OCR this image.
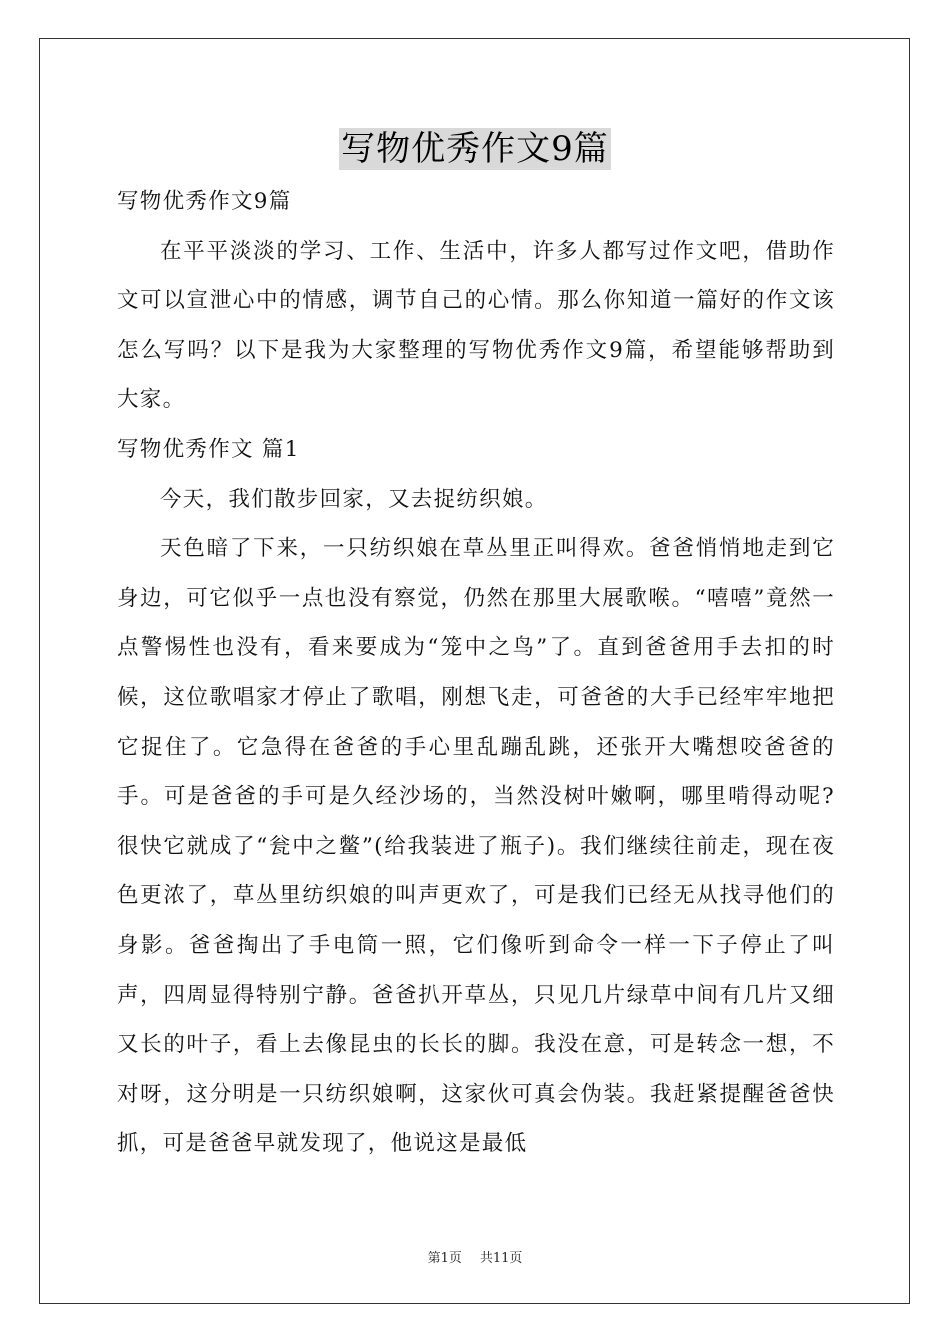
写物优秀作文9篇

写物优秀作文9篇

在平平淡淡的学习、工作、生活中，许多人都写过作文吧，借助作文可以宣泄心中的情感，调节自己的心情。那么你知道一篇好的作文该怎么写吗？以下是我为大家整理的写物优秀作文9篇，希望能够帮助到大家。

写物优秀作文 篇1

今天，我们散步回家，又去捉纺织娘。

天色暗了下来，一只纺织娘在草丛里正叫得欢。爸爸悄悄地走到它身边，可它似乎一点也没有察觉，仍然在那里大展歌喉。“嘻嘻”竟然一点警惕性也没有，看来要成为“笼中之鸟”了。直到爸爸用手去扣的时候，这位歌唱家才停止了歌唱，刚想飞走，可爸爸的大手已经牢牢地把它捉住了。它急得在爸爸的手心里乱蹦乱跳，还张开大嘴想咬爸爸的手。可是爸爸的手可是久经沙场的，当然没树叶嫩啊，哪里啃得动呢?很快它就成了“瓮中之鳖”(给我装进了瓶子)。我们继续往前走，现在夜色更浓了，草丛里纺织娘的叫声更欢了，可是我们已经无从找寻他们的身影。爸爸掏出了手电筒一照，它们像听到命令一样一下子停止了叫声，四周显得特别宁静。爸爸扒开草丛，只见几片绿草中间有几片又细又长的叶子，看上去像昆虫的长长的脚。我没在意，可是转念一想，不对呀，这分明是一只纺织娘啊，这家伙可真会伪装。我赶紧提醒爸爸快抓，可是爸爸早就发现了，他说这是最低

第1页 共11页
